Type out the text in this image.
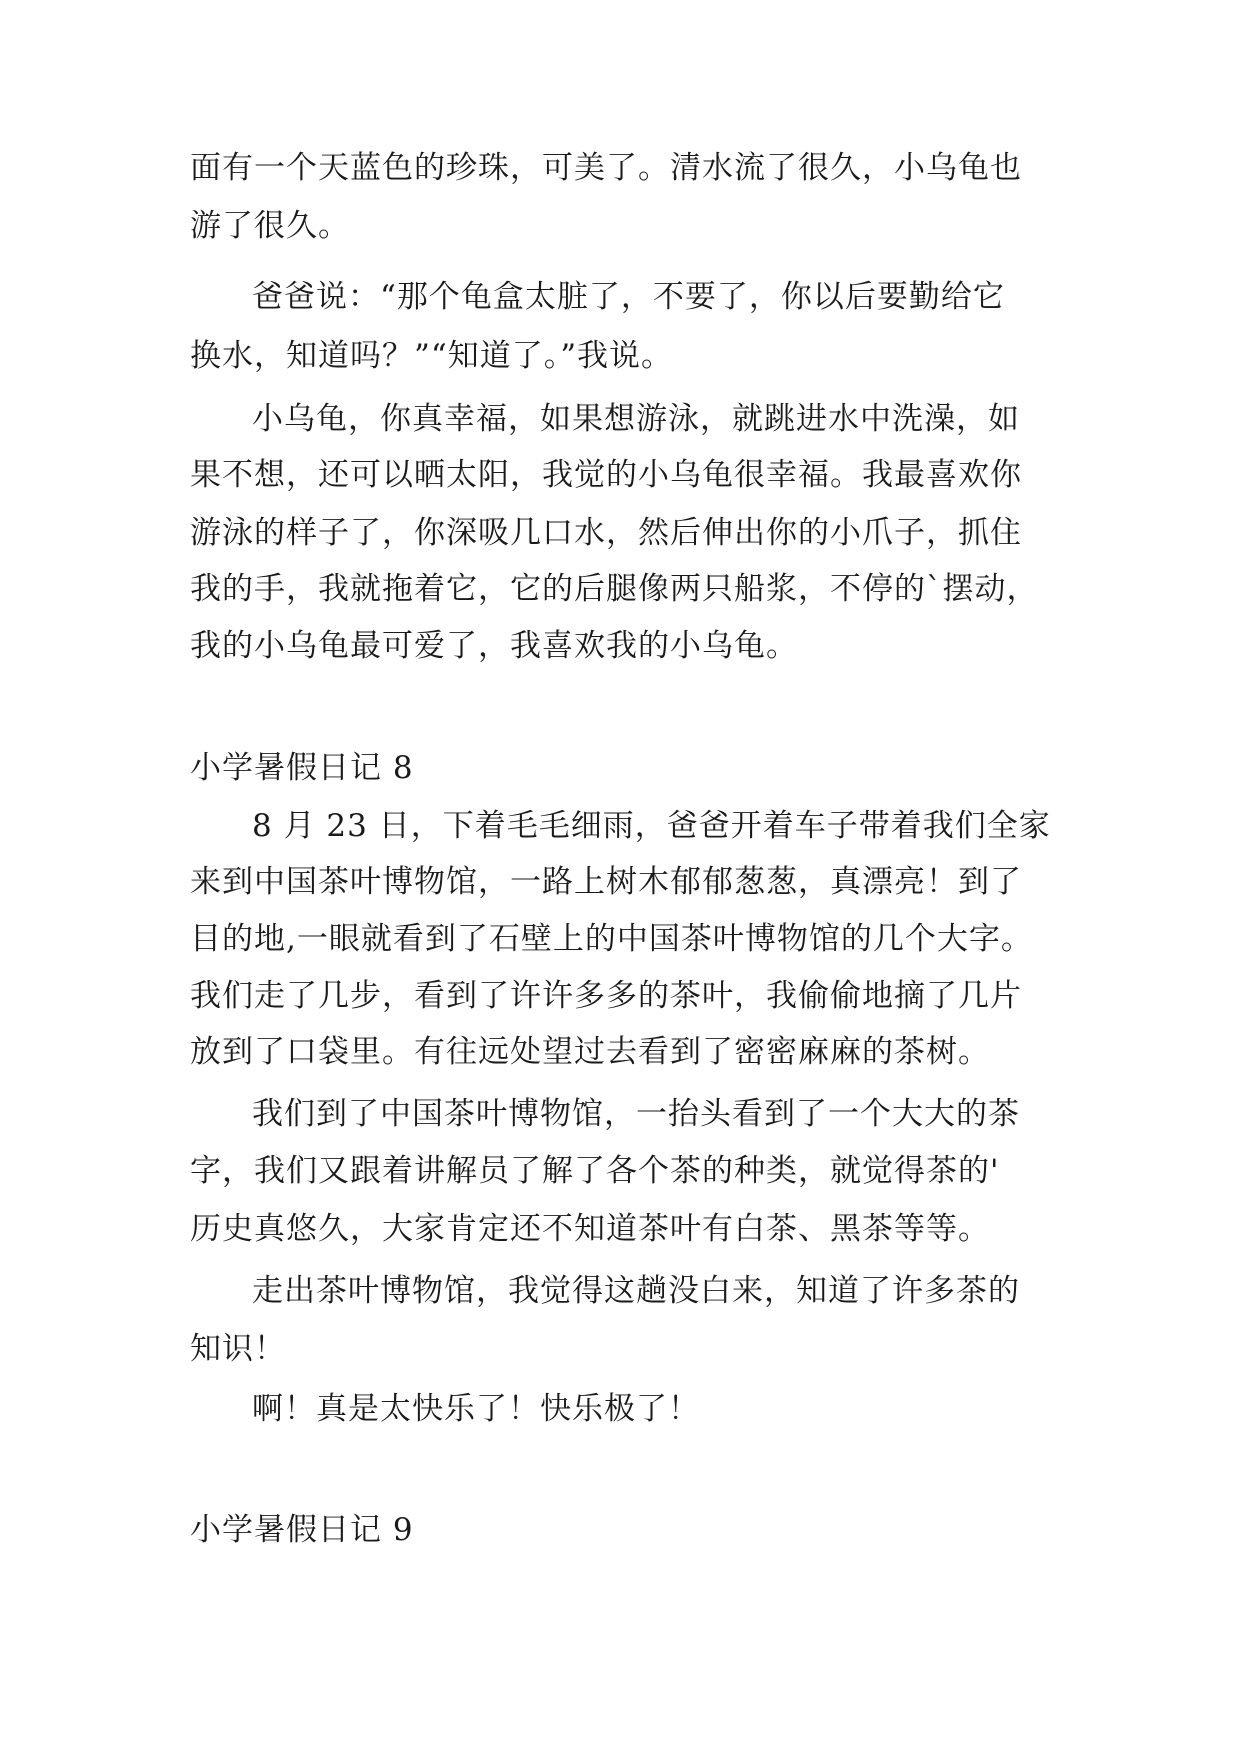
面有一个天蓝色的珍珠，可美了。清水流了很久，小乌龟也
游了很久。
爸爸说：“那个龟盒太脏了，不要了，你以后要勤给它
换水，知道吗？”“知道了。”我说。
小乌龟，你真幸福，如果想游泳，就跳进水中洗澡，如
果不想，还可以晒太阳，我觉的小乌龟很幸福。我最喜欢你
游泳的样子了，你深吸几口水，然后伸出你的小爪子，抓住
我的手，我就拖着它，它的后腿像两只船浆，不停的`摆动，
我的小乌龟最可爱了，我喜欢我的小乌龟。
小学暑假日记 8
8 月 23 日，下着毛毛细雨，爸爸开着车子带着我们全家
来到中国茶叶博物馆，一路上树木郁郁葱葱，真漂亮！到了
目的地,一眼就看到了石壁上的中国茶叶博物馆的几个大字。
我们走了几步，看到了许许多多的茶叶，我偷偷地摘了几片
放到了口袋里。有往远处望过去看到了密密麻麻的茶树。
我们到了中国茶叶博物馆，一抬头看到了一个大大的茶
字，我们又跟着讲解员了解了各个茶的种类，就觉得茶的'
历史真悠久，大家肯定还不知道茶叶有白茶、黑茶等等。
走出茶叶博物馆，我觉得这趟没白来，知道了许多茶的
知识！
啊！真是太快乐了！快乐极了！
小学暑假日记 9
